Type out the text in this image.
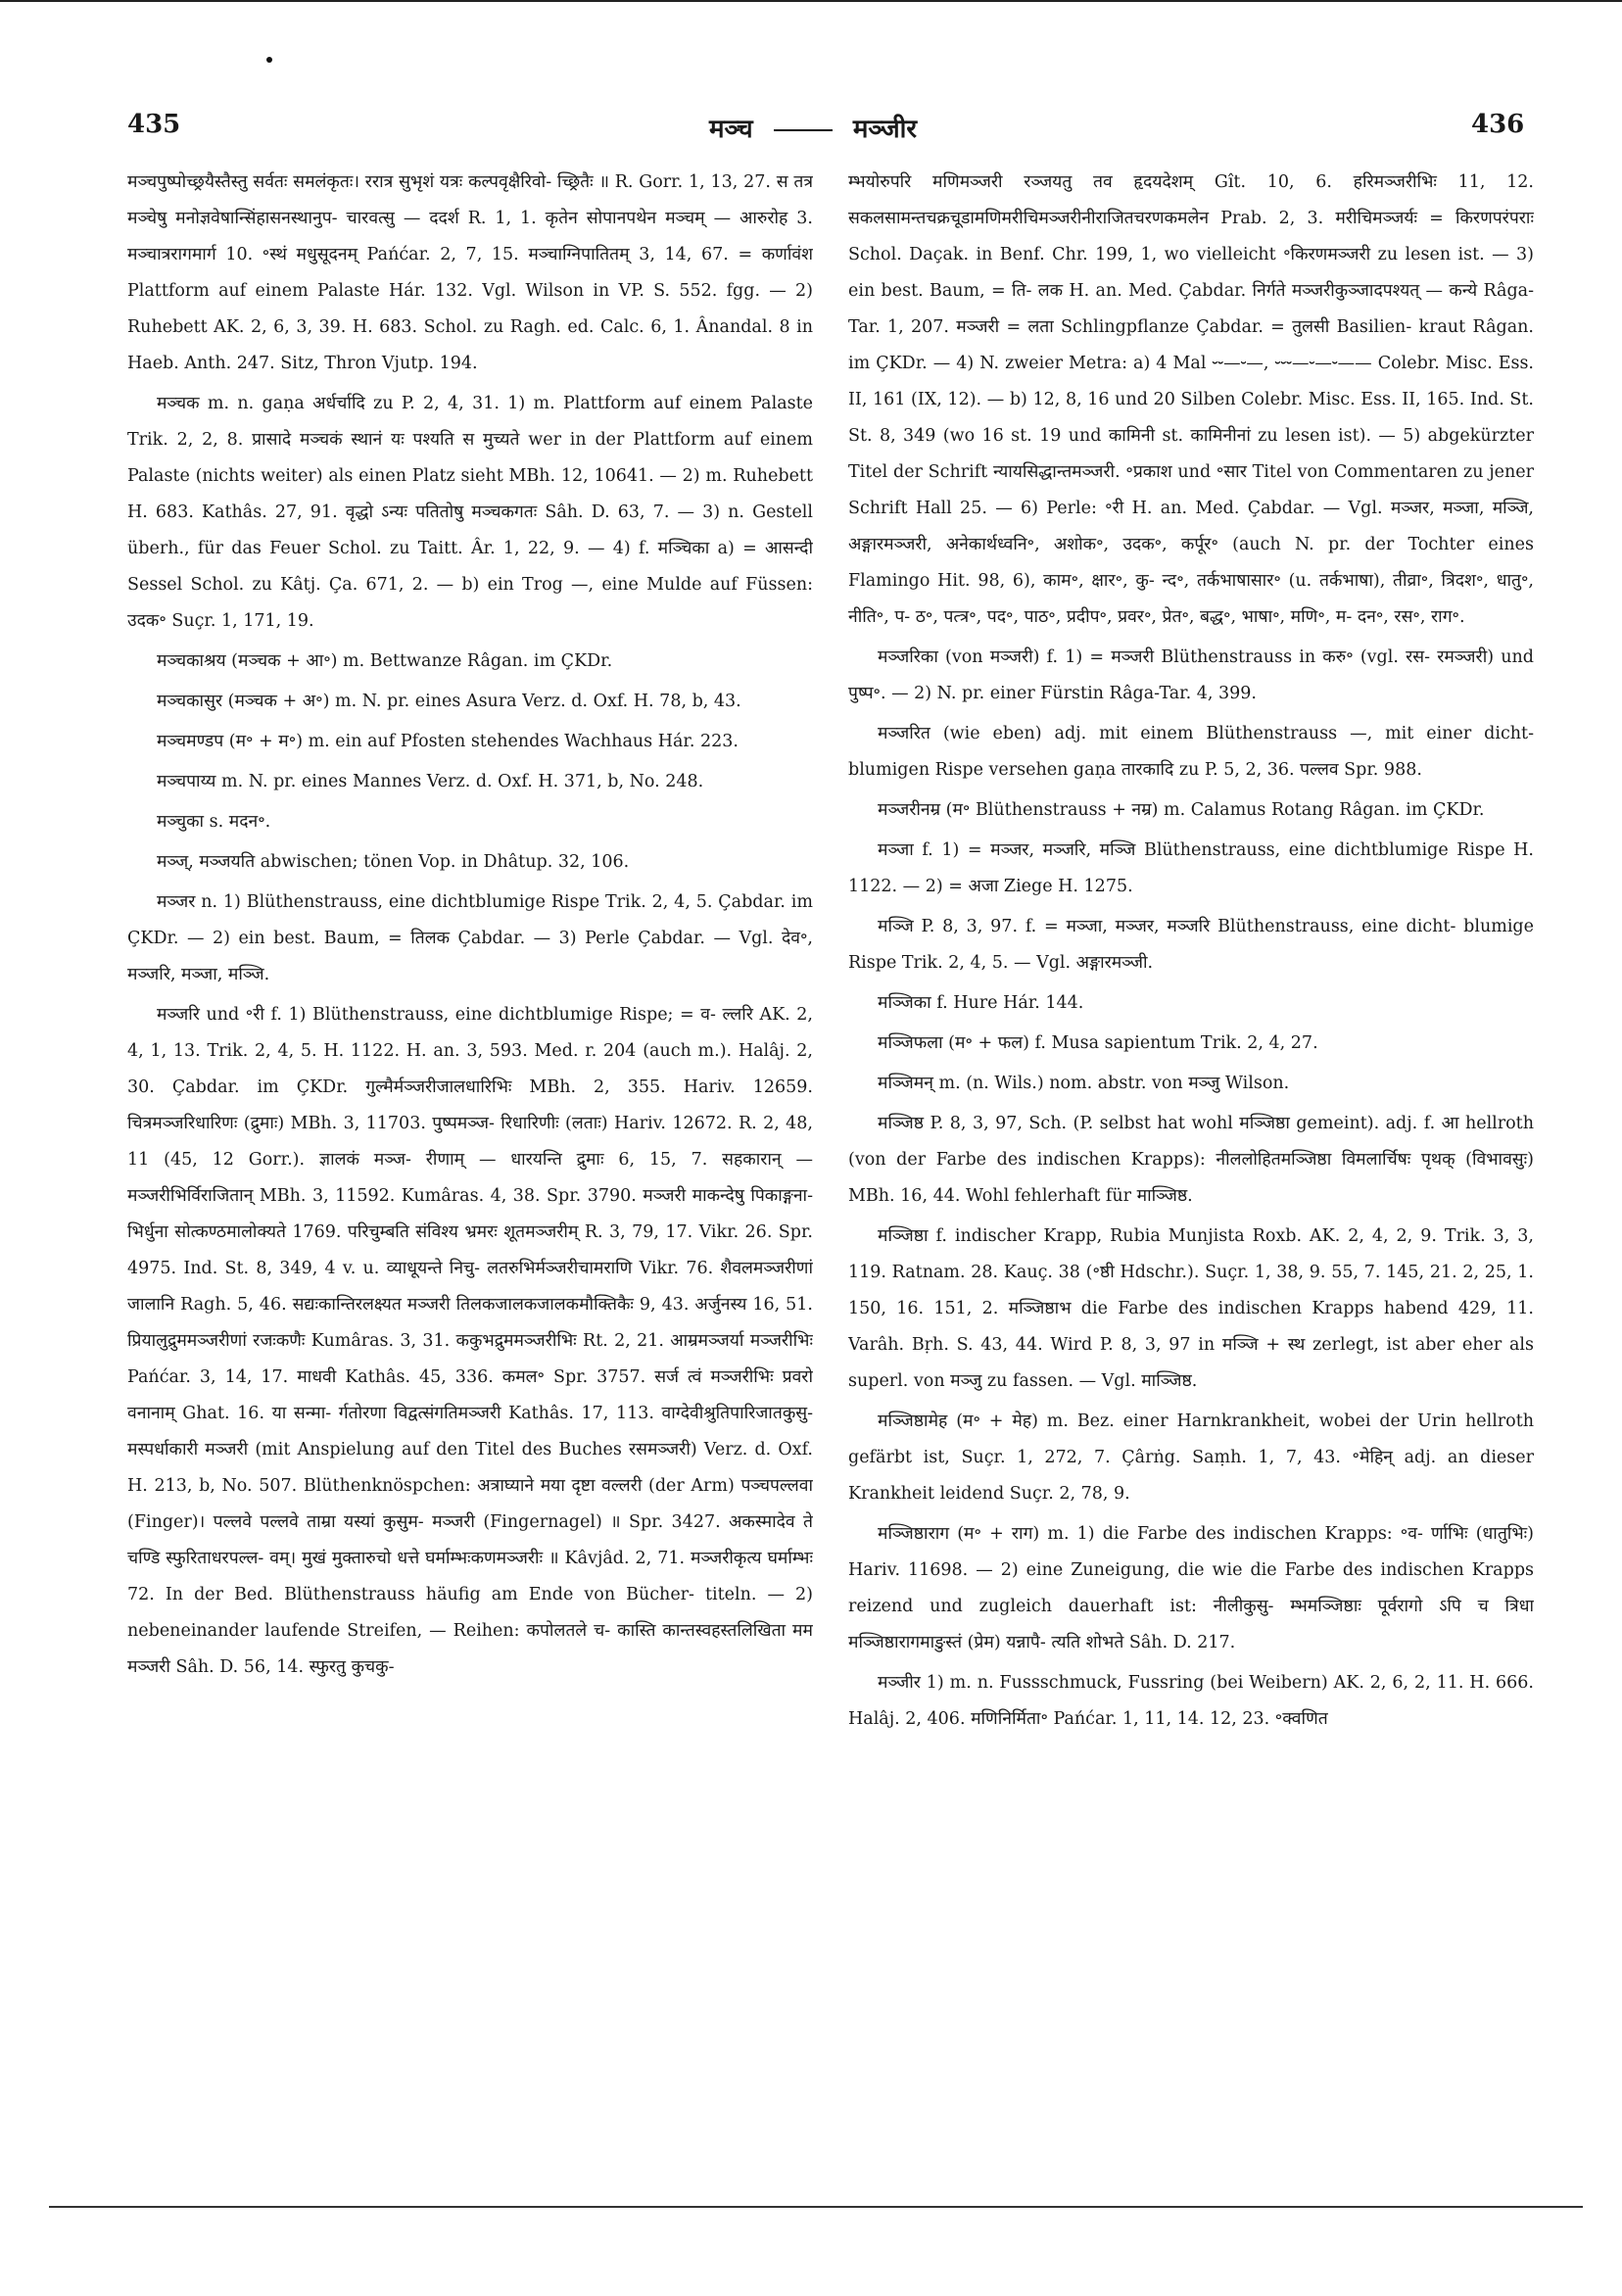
435	मञ्च	मञ्जीर	436

मञ्चपुष्पोच्छ्रयैस्तैस्तु सर्वतः समलंकृतः। ररात्र सुभृशं यत्रः कल्पवृक्षैरिवो- च्छ्रितैः ॥ R. Gorr. 1, 13, 27. स तत्र मञ्चेषु मनोज्ञवेषान्सिंहासनस्थानुप- चारवत्सु — ददर्श R. 1, 1. कृतेन सोपानपथेन मञ्चम् — आरुरोह 3. मञ्चात्ररागमार्ग 10. ॰स्थं मधुसूदनम् Pańćar. 2, 7, 15. मञ्चाग्निपातितम् 3, 14, 67. = कर्णावंश Plattform auf einem Palaste Hár. 132. Vgl. Wilson in VP. S. 552. fgg. — 2) Ruhebett AK. 2, 6, 3, 39. H. 683. Schol. zu Ragh. ed. Calc. 6, 1. Ânandal. 8 in Haeb. Anth. 247. Sitz, Thron Vjutp. 194.

मञ्चक m. n. gaṇa अर्धर्चादि zu P. 2, 4, 31. 1) m. Plattform auf einem Palaste Trik. 2, 2, 8. प्रासादे मञ्चकं स्थानं यः पश्यति स मुच्यते wer in der Plattform auf einem Palaste (nichts weiter) als einen Platz sieht MBh. 12, 10641. — 2) m. Ruhebett H. 683. Kathâs. 27, 91. वृद्धो ऽन्यः पतितोषु मञ्चकगतः Sâh. D. 63, 7. — 3) n. Gestell überh., für das Feuer Schol. zu Taitt. Âr. 1, 22, 9. — 4) f. मञ्चिका a) = आसन्दी Sessel Schol. zu Kâtj. Ça. 671, 2. — b) ein Trog —, eine Mulde auf Füssen: उदक॰ Suçr. 1, 171, 19.

मञ्चकाश्रय (मञ्चक + आ॰) m. Bettwanze Râgan. im ÇKDr.

मञ्चकासुर (मञ्चक + अ॰) m. N. pr. eines Asura Verz. d. Oxf. H. 78, b, 43.

मञ्चमण्डप (म॰ + म॰) m. ein auf Pfosten stehendes Wachhaus Hár. 223.

मञ्चपाय्य m. N. pr. eines Mannes Verz. d. Oxf. H. 371, b, No. 248.

मञ्चुका s. मदन॰.

मञ्ज्, मञ्जयति abwischen; tönen Vop. in Dhâtup. 32, 106.

मञ्जर n. 1) Blüthenstrauss, eine dichtblumige Rispe Trik. 2, 4, 5. Çabdar. im ÇKDr. — 2) ein best. Baum, = तिलक Çabdar. — 3) Perle Çabdar. — Vgl. देव॰, मञ्जरि, मञ्जा, मञ्जि.

मञ्जरि und ॰री f. 1) Blüthenstrauss, eine dichtblumige Rispe; = व- ल्लरि AK. 2, 4, 1, 13. Trik. 2, 4, 5. H. 1122. H. an. 3, 593. Med. r. 204 (auch m.). Halâj. 2, 30. Çabdar. im ÇKDr. गुल्मैर्मञ्जरीजालधारिभिः MBh. 2, 355. Hariv. 12659. चित्रमञ्जरिधारिणः (द्रुमाः) MBh. 3, 11703. पुष्पमञ्ज- रिधारिणीः (लताः) Hariv. 12672. R. 2, 48, 11 (45, 12 Gorr.). ज्ञालकं मञ्ज- रीणाम् — धारयन्ति द्रुमाः 6, 15, 7. सहकारान् — मञ्जरीभिर्विराजितान् MBh. 3, 11592. Kumâras. 4, 38. Spr. 3790. मञ्जरी माकन्देषु पिकाङ्गना- भिर्धुना सोत्कण्ठमालोक्यते 1769. परिचुम्बति संविश्य भ्रमरः शूतमञ्जरीम् R. 3, 79, 17. Vikr. 26. Spr. 4975. Ind. St. 8, 349, 4 v. u. व्याधूयन्ते निचु- लतरुभिर्मञ्जरीचामराणि Vikr. 76. शैवलमञ्जरीणां जालानि Ragh. 5, 46. सद्यःकान्तिरलक्ष्यत मञ्जरी तिलकजालकजालकमौक्तिकैः 9, 43. अर्जुनस्य 16, 51. प्रियालुद्रुममञ्जरीणां रजःकणैः Kumâras. 3, 31. ककुभद्रुममञ्जरीभिः Rt. 2, 21. आम्रमञ्जर्या मञ्जरीभिः Pańćar. 3, 14, 17. माधवी Kathâs. 45, 336. कमल॰ Spr. 3757. सर्ज त्वं मञ्जरीभिः प्रवरो वनानाम् Ghat. 16. या सन्मा- र्गतोरणा विद्वत्संगतिमञ्जरी Kathâs. 17, 113. वाग्देवीश्रुतिपारिजातकुसु- मस्पर्धाकारी मञ्जरी (mit Anspielung auf den Titel des Buches रसमञ्जरी) Verz. d. Oxf. H. 213, b, No. 507. Blüthenknöspchen: अत्राघ्याने मया दृष्टा वल्लरी (der Arm) पञ्चपल्लवा (Finger)। पल्लवे पल्लवे ताम्रा यस्यां कुसुम- मञ्जरी (Fingernagel) ॥ Spr. 3427. अकस्मादेव ते चण्डि स्फुरिताधरपल्ल- वम्। मुखं मुक्तारुचो धत्ते घर्माम्भःकणमञ्जरीः ॥ Kâvjâd. 2, 71. मञ्जरीकृत्य घर्माम्भः 72. In der Bed. Blüthenstrauss häufig am Ende von Bücher- titeln. — 2) nebeneinander laufende Streifen, — Reihen: कपोलतले च- कास्ति कान्तस्वहस्तलिखिता मम मञ्जरी Sâh. D. 56, 14. स्फुरतु कुचकु-

म्भयोरुपरि मणिमञ्जरी रञ्जयतु तव हृदयदेशम् Gît. 10, 6. हरिमञ्जरीभिः 11, 12. सकलसामन्तचक्रचूडामणिमरीचिमञ्जरीनीराजितचरणकमलेन Prab. 2, 3. मरीचिमञ्जर्यः = किरणपरंपराः Schol. Daçak. in Benf. Chr. 199, 1, wo vielleicht ॰किरणमञ्जरी zu lesen ist. — 3) ein best. Baum, = ति- लक H. an. Med. Çabdar. निर्गते मञ्जरीकुञ्जादपश्यत् — कन्ये Râga- Tar. 1, 207. मञ्जरी = लता Schlingpflanze Çabdar. = तुलसी Basilien- kraut Râgan. im ÇKDr. — 4) N. zweier Metra: a) 4 Mal ⏑⏑—⏑—, ⏑⏑⏑—⏑—⏑—— Colebr. Misc. Ess. II, 161 (IX, 12). — b) 12, 8, 16 und 20 Silben Colebr. Misc. Ess. II, 165. Ind. St. St. 8, 349 (wo 16 st. 19 und कामिनी st. कामिनीनां zu lesen ist). — 5) abgekürzter Titel der Schrift न्यायसिद्धान्तमञ्जरी. ॰प्रकाश und ॰सार Titel von Commentaren zu jener Schrift Hall 25. — 6) Perle: ॰री H. an. Med. Çabdar. — Vgl. मञ्जर, मञ्जा, मञ्जि, अङ्गारमञ्जरी, अनेकार्थध्वनि॰, अशोक॰, उदक॰, कर्पूर॰ (auch N. pr. der Tochter eines Flamingo Hit. 98, 6), काम॰, क्षार॰, कु- न्द॰, तर्कभाषासार॰ (u. तर्कभाषा), तीव्रा॰, त्रिदश॰, धातु॰, नीति॰, प- ठ॰, पत्त्र॰, पद॰, पाठ॰, प्रदीप॰, प्रवर॰, प्रेत॰, बद्ध॰, भाषा॰, मणि॰, म- दन॰, रस॰, राग॰.

मञ्जरिका (von मञ्जरी) f. 1) = मञ्जरी Blüthenstrauss in करु॰ (vgl. रस- रमञ्जरी) und पुष्प॰. — 2) N. pr. einer Fürstin Râga-Tar. 4, 399.

मञ्जरित (wie eben) adj. mit einem Blüthenstrauss —, mit einer dicht- blumigen Rispe versehen gaṇa तारकादि zu P. 5, 2, 36. पल्लव Spr. 988.

मञ्जरीनम्र (म॰ Blüthenstrauss + नम्र) m. Calamus Rotang Râgan. im ÇKDr.

मञ्जा f. 1) = मञ्जर, मञ्जरि, मञ्जि Blüthenstrauss, eine dichtblumige Rispe H. 1122. — 2) = अजा Ziege H. 1275.

मञ्जि P. 8, 3, 97. f. = मञ्जा, मञ्जर, मञ्जरि Blüthenstrauss, eine dicht- blumige Rispe Trik. 2, 4, 5. — Vgl. अङ्गारमञ्जी.

मञ्जिका f. Hure Hár. 144.

मञ्जिफला (म॰ + फल) f. Musa sapientum Trik. 2, 4, 27.

मञ्जिमन् m. (n. Wils.) nom. abstr. von मञ्जु Wilson.

मञ्जिष्ठ P. 8, 3, 97, Sch. (P. selbst hat wohl मञ्जिष्ठा gemeint). adj. f. आ hellroth (von der Farbe des indischen Krapps): नीललोहितमञ्जिष्ठा विमलार्चिषः पृथक् (विभावसुः) MBh. 16, 44. Wohl fehlerhaft für माञ्जिष्ठ.

मञ्जिष्ठा f. indischer Krapp, Rubia Munjista Roxb. AK. 2, 4, 2, 9. Trik. 3, 3, 119. Ratnam. 28. Kauç. 38 (॰ष्ठी Hdschr.). Suçr. 1, 38, 9. 55, 7. 145, 21. 2, 25, 1. 150, 16. 151, 2. मञ्जिष्ठाभ die Farbe des indischen Krapps habend 429, 11. Varâh. Bṛh. S. 43, 44. Wird P. 8, 3, 97 in मञ्जि + स्थ zerlegt, ist aber eher als superl. von मञ्जु zu fassen. — Vgl. माञ्जिष्ठ.

मञ्जिष्ठामेह (म॰ + मेह) m. Bez. einer Harnkrankheit, wobei der Urin hellroth gefärbt ist, Suçr. 1, 272, 7. Çârṅg. Saṃh. 1, 7, 43. ॰मेहिन् adj. an dieser Krankheit leidend Suçr. 2, 78, 9.

मञ्जिष्ठाराग (म॰ + राग) m. 1) die Farbe des indischen Krapps: ॰व- र्णाभिः (धातुभिः) Hariv. 11698. — 2) eine Zuneigung, die wie die Farbe des indischen Krapps reizend und zugleich dauerhaft ist: नीलीकुसु- म्भमञ्जिष्ठाः पूर्वरागो ऽपि च त्रिधा मञ्जिष्ठारागमाङुस्तं (प्रेम) यन्नापै- त्यति शोभते Sâh. D. 217.

मञ्जीर 1) m. n. Fussschmuck, Fussring (bei Weibern) AK. 2, 6, 2, 11. H. 666. Halâj. 2, 406. मणिनिर्मिता॰ Pańćar. 1, 11, 14. 12, 23. ॰क्वणित
